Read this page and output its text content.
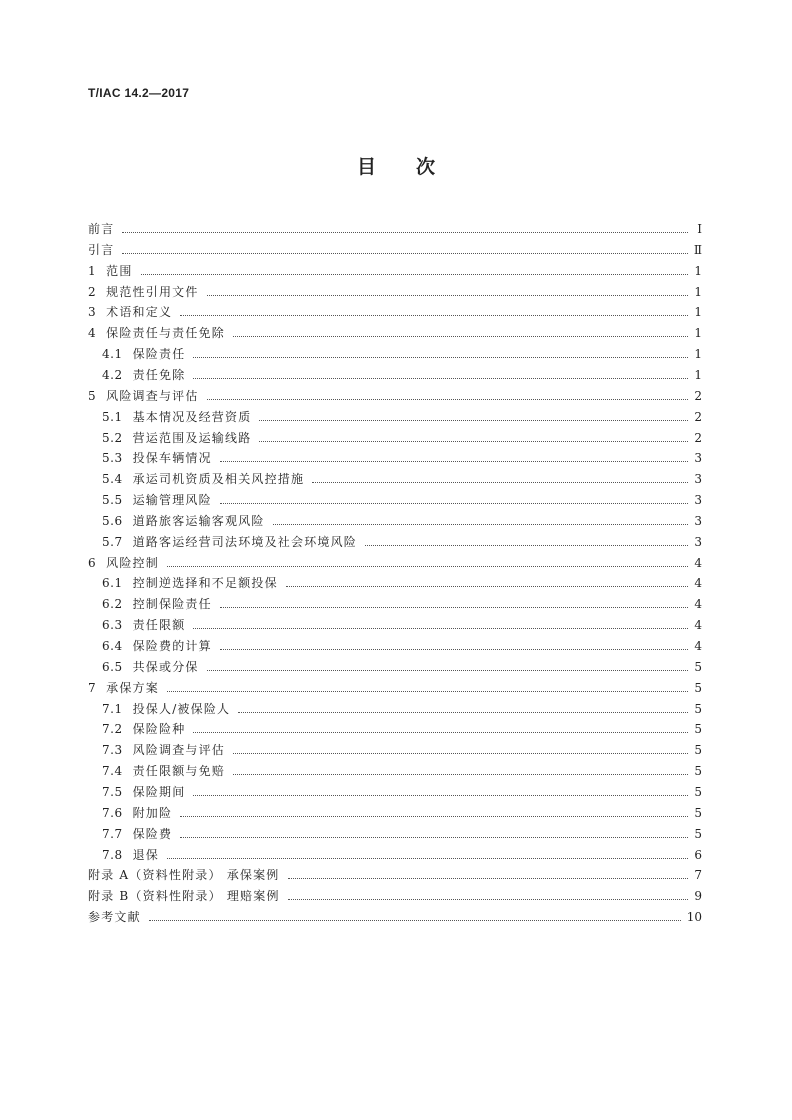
T/IAC 14.2—2017
目 次
前言	Ⅰ
引言	Ⅱ
1 范围	1
2 规范性引用文件	1
3 术语和定义	1
4 保险责任与责任免除	1
4.1 保险责任	1
4.2 责任免除	1
5 风险调查与评估	2
5.1 基本情况及经营资质	2
5.2 营运范围及运输线路	2
5.3 投保车辆情况	3
5.4 承运司机资质及相关风控措施	3
5.5 运输管理风险	3
5.6 道路旅客运输客观风险	3
5.7 道路客运经营司法环境及社会环境风险	3
6 风险控制	4
6.1 控制逆选择和不足额投保	4
6.2 控制保险责任	4
6.3 责任限额	4
6.4 保险费的计算	4
6.5 共保或分保	5
7 承保方案	5
7.1 投保人/被保险人	5
7.2 保险险种	5
7.3 风险调查与评估	5
7.4 责任限额与免赔	5
7.5 保险期间	5
7.6 附加险	5
7.7 保险费	5
7.8 退保	6
附录 A（资料性附录） 承保案例	7
附录 B（资料性附录） 理赔案例	9
参考文献	10
